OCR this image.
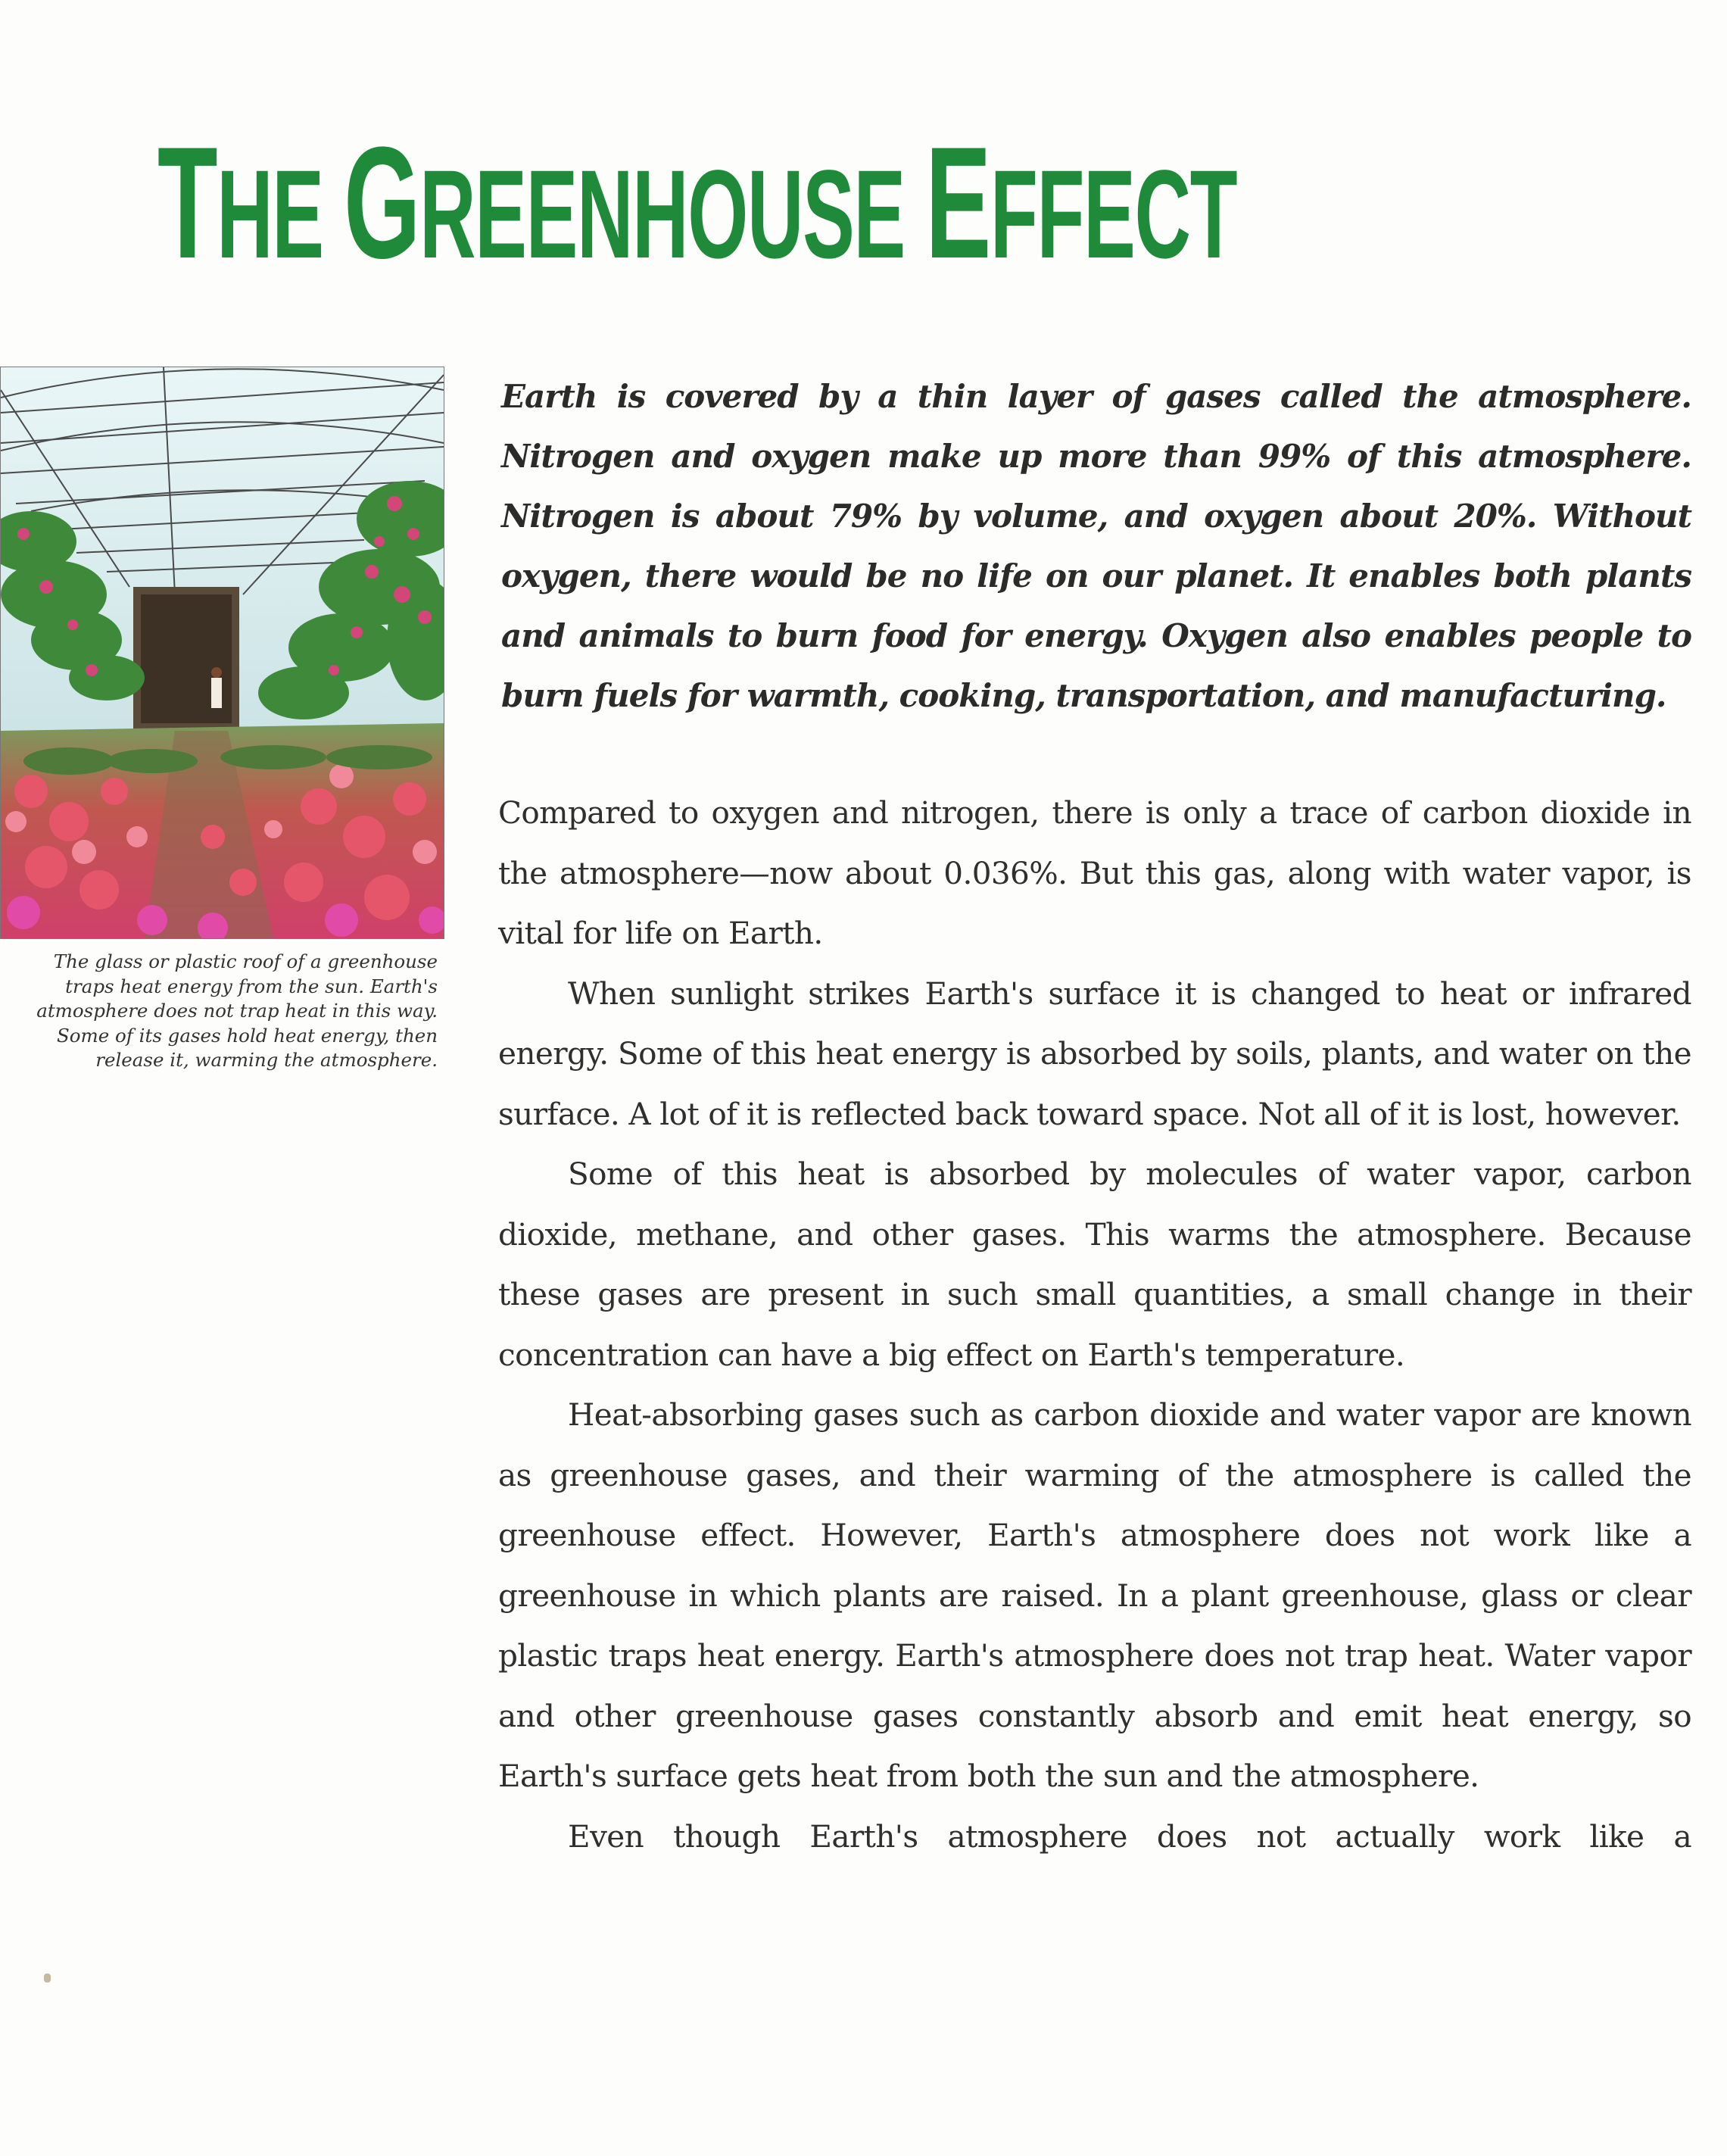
THE GREENHOUSE EFFECT
The glass or plastic roof of a greenhouse traps heat energy from the sun. Earth's atmosphere does not trap heat in this way. Some of its gases hold heat energy, then release it, warming the atmosphere.
Earth is covered by a thin layer of gases called the atmosphere. Nitrogen and oxygen make up more than 99% of this atmosphere. Nitrogen is about 79% by volume, and oxygen about 20%. Without oxygen, there would be no life on our planet. It enables both plants and animals to burn food for energy. Oxygen also enables people to burn fuels for warmth, cooking, transportation, and manufacturing.

Compared to oxygen and nitrogen, there is only a trace of carbon dioxide in the atmosphere—now about 0.036%. But this gas, along with water vapor, is vital for life on Earth.

When sunlight strikes Earth's surface it is changed to heat or infrared energy. Some of this heat energy is absorbed by soils, plants, and water on the surface. A lot of it is reflected back toward space. Not all of it is lost, however.

Some of this heat is absorbed by molecules of water vapor, carbon dioxide, methane, and other gases. This warms the atmosphere. Because these gases are present in such small quantities, a small change in their concentration can have a big effect on Earth's temperature.

Heat-absorbing gases such as carbon dioxide and water vapor are known as greenhouse gases, and their warming of the atmosphere is called the greenhouse effect. However, Earth's atmosphere does not work like a greenhouse in which plants are raised. In a plant greenhouse, glass or clear plastic traps heat energy. Earth's atmosphere does not trap heat. Water vapor and other greenhouse gases constantly absorb and emit heat energy, so Earth's surface gets heat from both the sun and the atmosphere.

Even though Earth's atmosphere does not actually work like a
